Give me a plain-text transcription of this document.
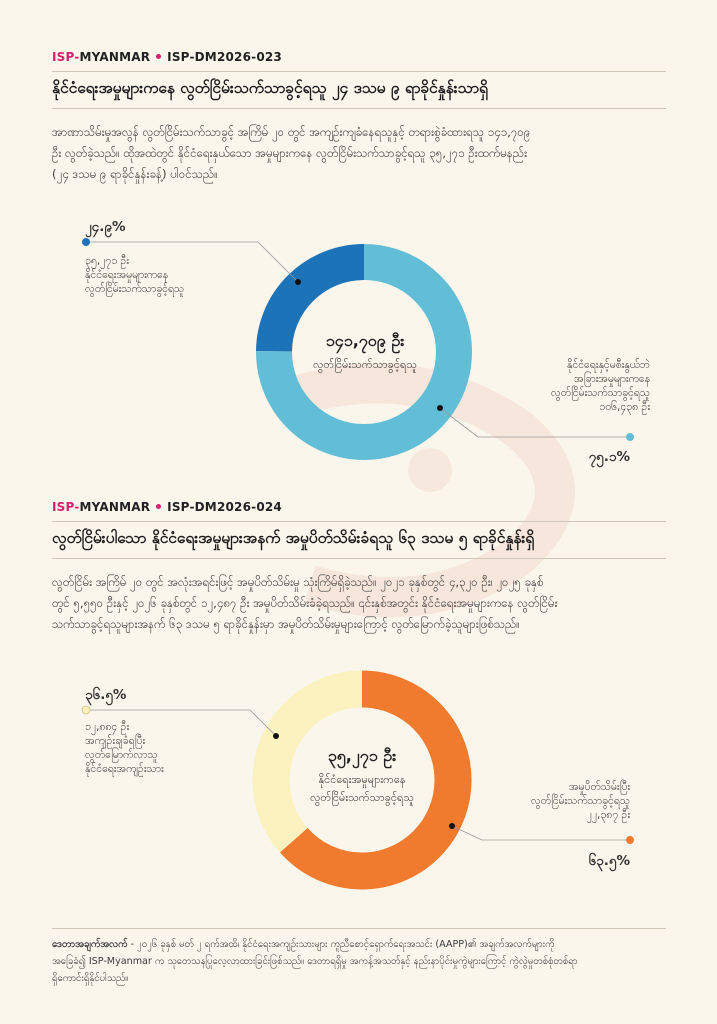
ISP-MYANMAR ISP-DM2026-023
နိုင်ငံရေးအမှုများကနေ လွတ်ငြိမ်းသက်သာခွင့်ရသူ ၂၄ ဒသမ ၉ ရာခိုင်နှုန်းသာရှိ
အာဏာသိမ်းမှုအလွန် လွတ်ငြိမ်းသက်သာခွင့် အကြိမ် ၂၀ တွင် အကျဉ်းကျခံနေရသူနှင့် တရားစွဲခံထားရသူ ၁၄၁,၇၀၉
ဦး လွတ်ခဲ့သည်။ ထိုအထဲတွင် နိုင်ငံရေးနှယ်သော အမှုများကနေ လွတ်ငြိမ်းသက်သာခွင့်ရသူ ၃၅,၂၇၁ ဦးထက်မနည်း
(၂၄ ဒသမ ၉ ရာခိုင်နှုန်းခန့်) ပါဝင်သည်။
၂၄.၉%
၃၅,၂၇၁ ဦး
နိုင်ငံရေးအမှုများကနေ
လွတ်ငြိမ်းသက်သာခွင့်ရသူ
နိုင်ငံရေးနှင့်မစီးနွယ်ဘဲ
အခြားအမှုများကနေ
လွတ်ငြိမ်းသက်သာခွင့်ရသူ
၁၀၆,၄၃၈ ဦး
၇၅.၁%
၁၄၁,၇၀၉ ဦး
လွတ်ငြိမ်းသက်သာခွင့်ရသူ
ISP-MYANMAR ISP-DM2026-024
လွတ်ငြိမ်းပါသော နိုင်ငံရေးအမှုများအနက် အမှုပိတ်သိမ်းခံရသူ ၆၃ ဒသမ ၅ ရာခိုင်နှုန်းရှိ
လွတ်ငြိမ်း အကြိမ် ၂၀ တွင် အလုံးအရင်းဖြင့် အမှုပိတ်သိမ်းမှု သုံးကြိမ်ရှိခဲ့သည်။ ၂၀၂၁ ခုနှစ်တွင် ၄,၃၂၀ ဦး၊ ၂၀၂၅ ခုနှစ်
တွင် ၅,၅၅၀ ဦးနှင့် ၂၀၂၆ ခုနှစ်တွင် ၁၂,၄၈၇ ဦး အမှုပိတ်သိမ်းခံခဲ့ရသည်။ ၎င်းနှစ်အတွင်း နိုင်ငံရေးအမှုများကနေ လွတ်ငြိမ်း
သက်သာခွင့်ရသူများအနက် ၆၃ ဒသမ ၅ ရာခိုင်နှုန်းမှာ အမှုပိတ်သိမ်းမှုများကြောင့် လွတ်မြောက်ခဲ့သူများဖြစ်သည်။
၃၆.၅%
၁၂,၈၈၄ ဦး
အကျဉ်းချခံရပြီး
လွတ်မြောက်လာသူ
နိုင်ငံရေးအကျဉ်းသား
အမှုပိတ်သိမ်းပြီး
လွတ်ငြိမ်းသက်သာခွင့်ရသူ
၂၂,၃၈၇ ဦး
၆၃.၅%
၃၅,၂၇၁ ဦး
နိုင်ငံရေးအမှုများကနေ
လွတ်ငြိမ်းသက်သာခွင့်ရသူ
ဒေတာအချက်အလက် - ၂၀၂၆ ခုနှစ် မတ် ၂ ရက်အထိ၊ နိုင်ငံရေးအကျဉ်းသားများ ကူညီစောင့်ရှောက်ရေးအသင်း (AAPP)၏ အချက်အလက်များကို
အခြေခံ၍ ISP-Myanmar က သုတေသနပြုလေ့လာထားခြင်းဖြစ်သည်။ ဒေတာရရှိမှု အကန့်အသတ်နှင့် နည်းနာပိုင်းမှုကွဲများကြောင့် ကွဲလွဲမှုတစ်စုံတစ်ရာ
ရှိကောင်းရှိနိုင်ပါသည်။
